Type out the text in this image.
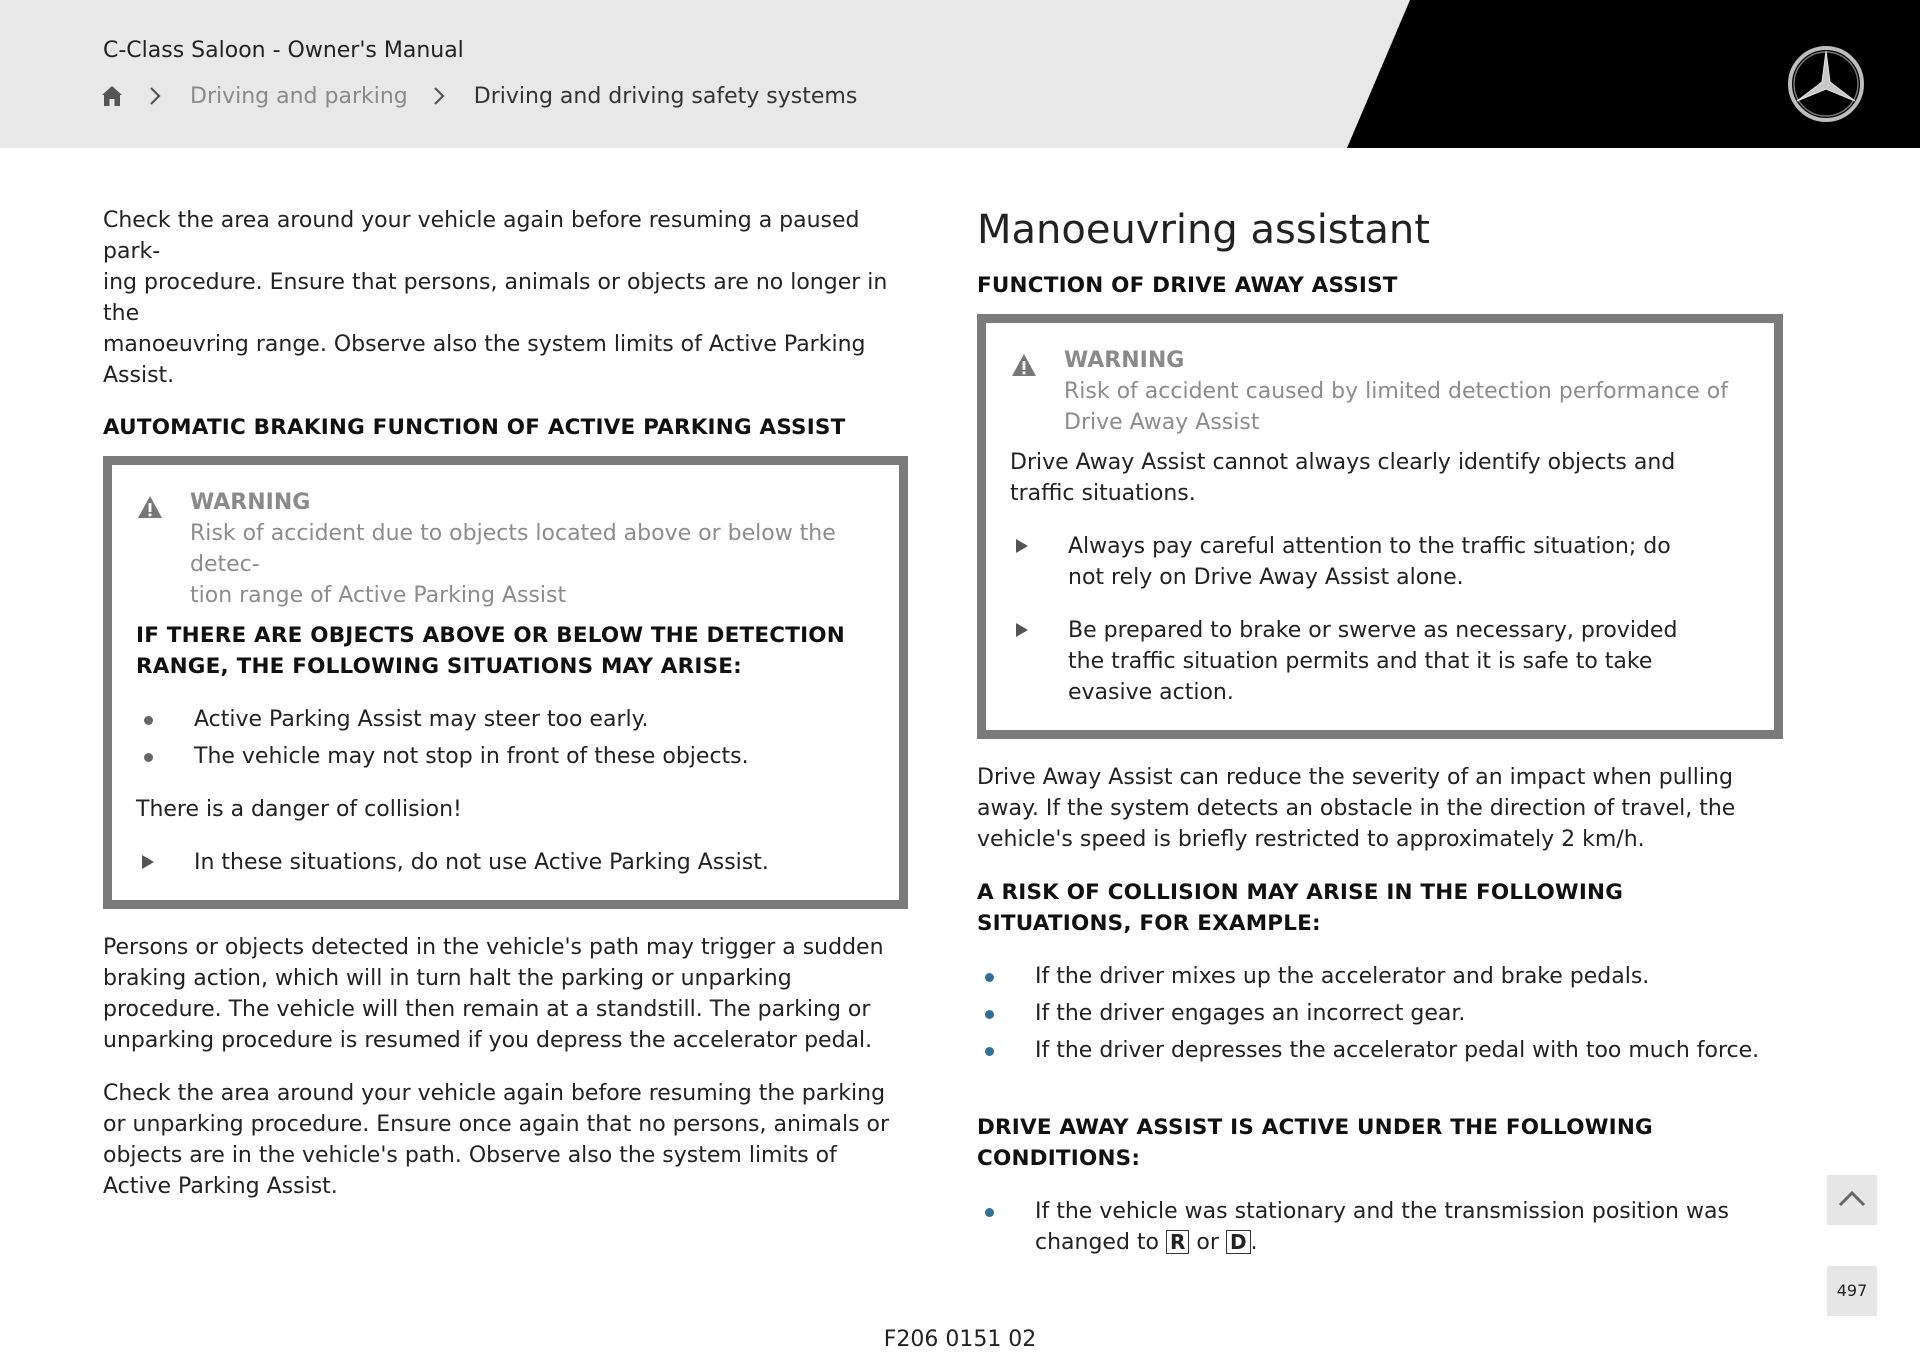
C-Class Saloon - Owner's Manual
Driving and parking	Driving and driving safety systems

Check the area around your vehicle again before resuming a paused park-
ing procedure. Ensure that persons, animals or objects are no longer in the
manoeuvring range. Observe also the system limits of Active Parking Assist.

AUTOMATIC BRAKING FUNCTION OF ACTIVE PARKING ASSIST

WARNING
Risk of accident due to objects located above or below the detec-
tion range of Active Parking Assist

IF THERE ARE OBJECTS ABOVE OR BELOW THE DETECTION RANGE, THE FOLLOWING SITUATIONS MAY ARISE:

Active Parking Assist may steer too early.
The vehicle may not stop in front of these objects.

There is a danger of collision!

In these situations, do not use Active Parking Assist.

Persons or objects detected in the vehicle's path may trigger a sudden braking action, which will in turn halt the parking or unparking procedure. The vehicle will then remain at a standstill. The parking or unparking procedure is resumed if you depress the accelerator pedal.

Check the area around your vehicle again before resuming the parking or unparking procedure. Ensure once again that no persons, animals or objects are in the vehicle's path. Observe also the system limits of Active Parking Assist.

Manoeuvring assistant

FUNCTION OF DRIVE AWAY ASSIST

WARNING
Risk of accident caused by limited detection performance of Drive Away Assist

Drive Away Assist cannot always clearly identify objects and traffic situations.

Always pay careful attention to the traffic situation; do not rely on Drive Away Assist alone.
Be prepared to brake or swerve as necessary, provided the traffic situation permits and that it is safe to take evasive action.

Drive Away Assist can reduce the severity of an impact when pulling away. If the system detects an obstacle in the direction of travel, the vehicle's speed is briefly restricted to approximately 2 km/h.

A RISK OF COLLISION MAY ARISE IN THE FOLLOWING SITUATIONS, FOR EXAMPLE:

If the driver mixes up the accelerator and brake pedals.
If the driver engages an incorrect gear.
If the driver depresses the accelerator pedal with too much force.

DRIVE AWAY ASSIST IS ACTIVE UNDER THE FOLLOWING CONDITIONS:

If the vehicle was stationary and the transmission position was changed to R or D .
497
F206 0151 02
